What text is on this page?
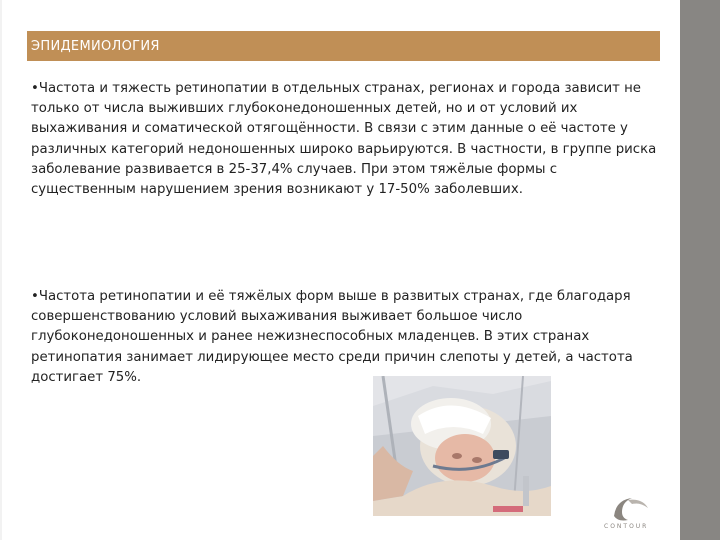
ЭПИДЕМИОЛОГИЯ

•Частота и тяжесть ретинопатии в отдельных странах, регионах и города зависит не только от числа выживших глубоконедоношенных детей, но и от условий их выхаживания и соматической отягощённости. В связи с этим данные о её частоте у различных категорий недоношенных широко варьируются. В частности, в группе риска заболевание развивается в 25-37,4% случаев. При этом тяжёлые формы с существенным нарушением зрения возникают у 17-50% заболевших.

•Частота ретинопатии и её тяжёлых форм выше в развитых странах, где благодаря совершенствованию условий выхаживания выживает большое число глубоконедоношенных и ранее нежизнеспособных младенцев. В этих странах ретинопатия занимает лидирующее место среди причин слепоты у детей, а частота достигает 75%.

CONTOUR
